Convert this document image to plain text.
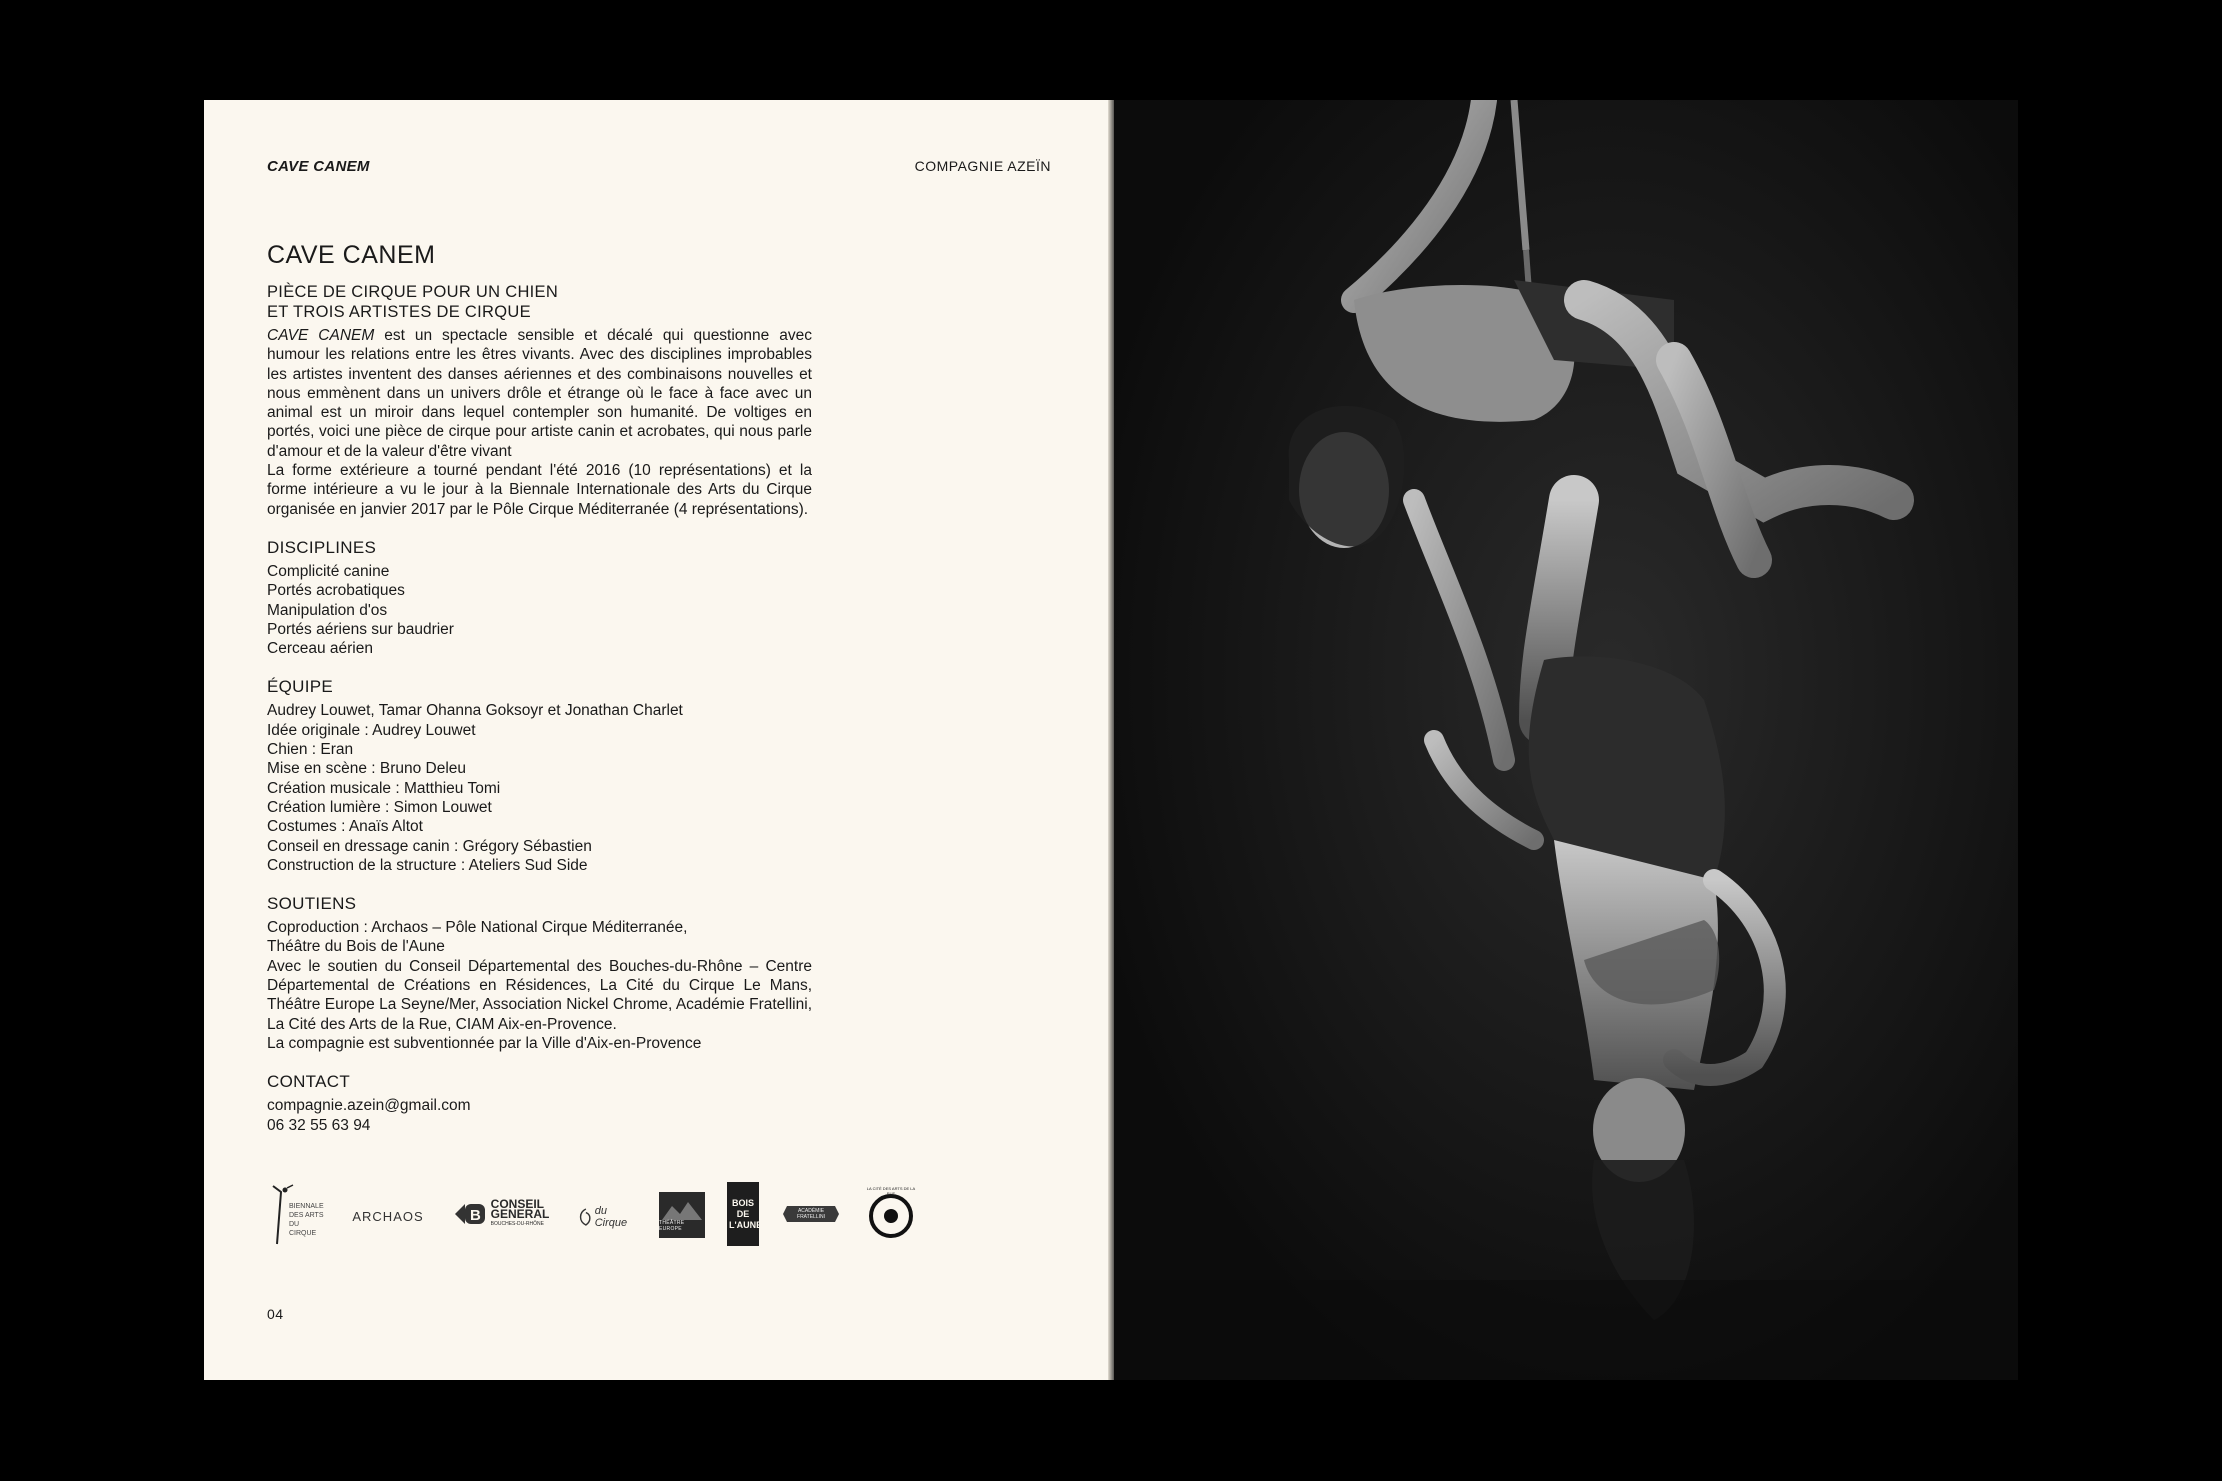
CAVE CANEM	COMPAGNIE AZEÏN
CAVE CANEM
PIÈCE DE CIRQUE POUR UN CHIEN
ET TROIS ARTISTES DE CIRQUE

CAVE CANEM est un spectacle sensible et décalé qui questionne avec humour les relations entre les êtres vivants. Avec des disciplines improbables les artistes inventent des danses aériennes et des combinaisons nouvelles et nous emmènent dans un univers drôle et étrange où le face à face avec un animal est un miroir dans lequel contempler son humanité. De voltiges en portés, voici une pièce de cirque pour artiste canin et acrobates, qui nous parle d'amour et de la valeur d'être vivant

La forme extérieure a tourné pendant l'été 2016 (10 représentations) et la forme intérieure a vu le jour à la Biennale Internationale des Arts du Cirque organisée en janvier 2017 par le Pôle Cirque Méditerranée (4 représentations).

DISCIPLINES
Complicité canine
Portés acrobatiques
Manipulation d'os
Portés aériens sur baudrier
Cerceau aérien
ÉQUIPE
Audrey Louwet, Tamar Ohanna Goksoyr et Jonathan Charlet
Idée originale : Audrey Louwet
Chien : Eran
Mise en scène : Bruno Deleu
Création musicale : Matthieu Tomi
Création lumière : Simon Louwet
Costumes : Anaïs Altot
Conseil en dressage canin : Grégory Sébastien
Construction de la structure : Ateliers Sud Side
SOUTIENS
Coproduction : Archaos – Pôle National Cirque Méditerranée,
Théâtre du Bois de l'Aune

Avec le soutien du Conseil Départemental des Bouches-du-Rhône – Centre Départemental de Créations en Résidences, La Cité du Cirque Le Mans, Théâtre Europe La Seyne/Mer, Association Nickel Chrome, Académie Fratellini, La Cité des Arts de la Rue, CIAM Aix-en-Provence.

La compagnie est subventionnée par la Ville d'Aix-en-Provence
CONTACT
compagnie.azein@gmail.com
06 32 55 63 94
BIENNALE DES ARTS DU CIRQUE
ARCHAOS	B
CONSEIL
GENERAL
BOUCHES-DU-RHÔNE
du Cirque	THÉÂTRE EUROPE
BOIS DE L'AUNE
ACADÉMIE FRATELLINI
LA CITÉ DES ARTS DE LA RUE
04
